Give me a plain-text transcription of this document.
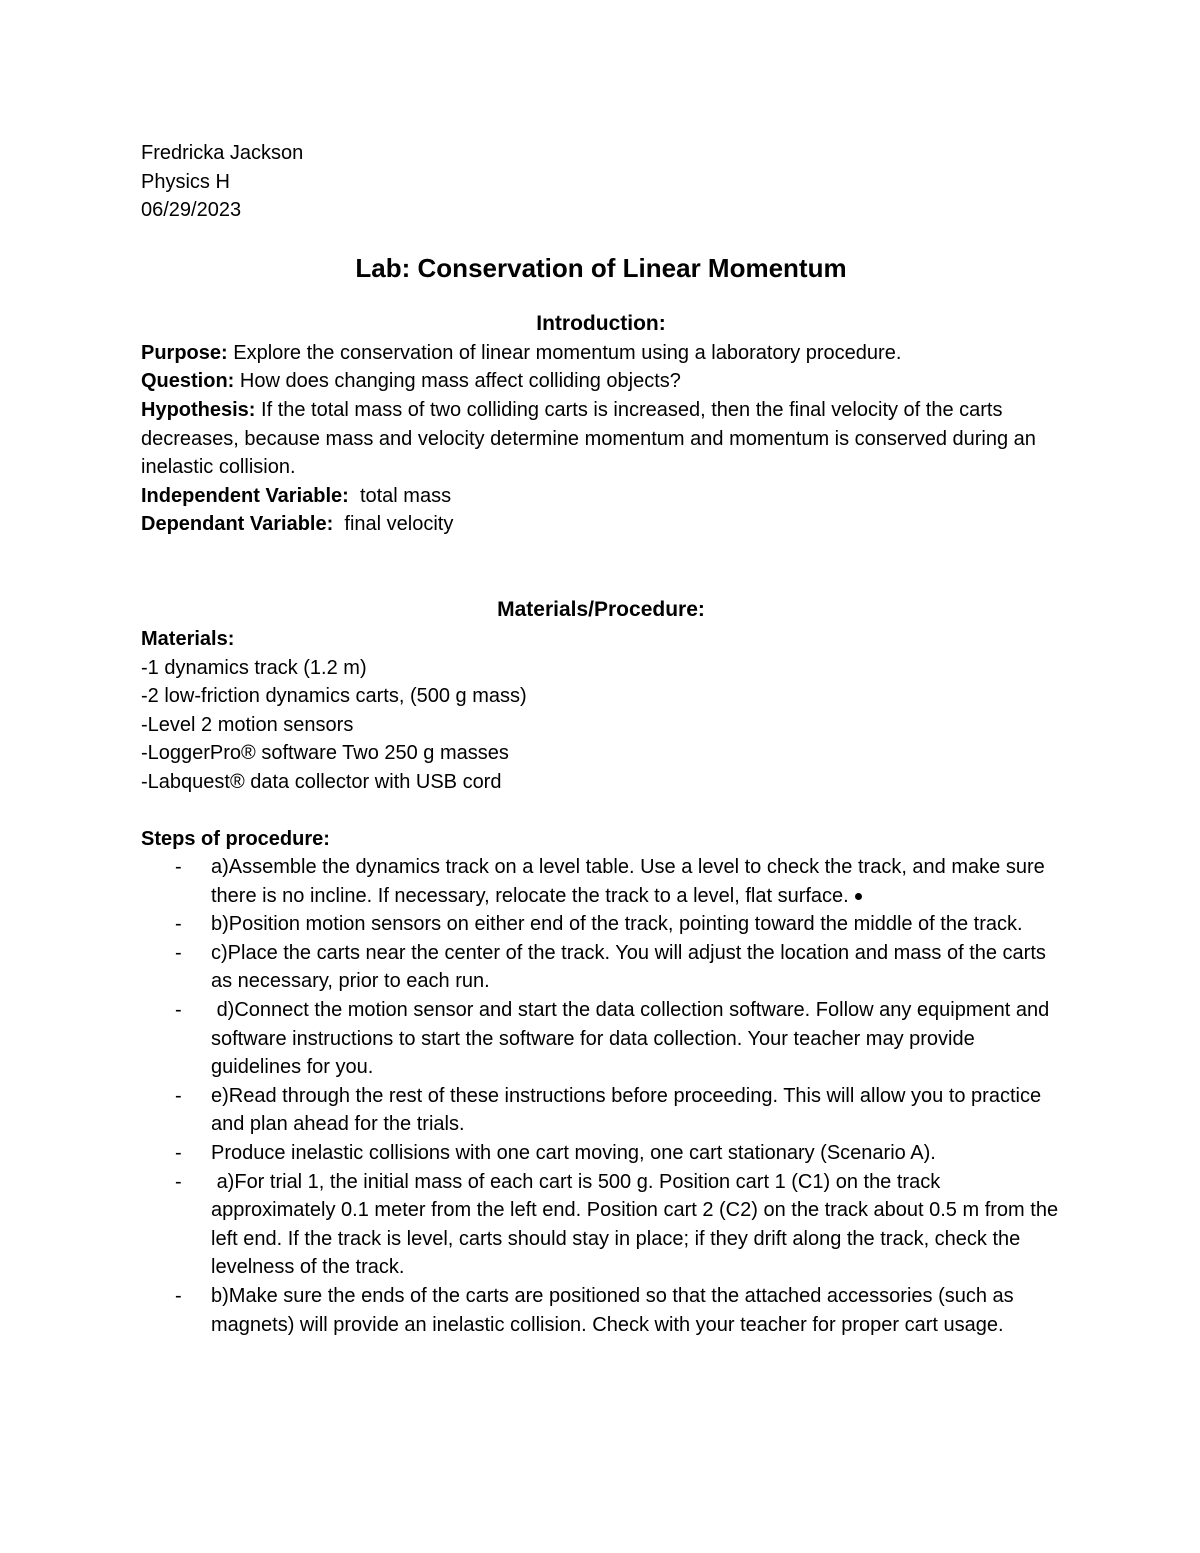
Fredricka Jackson
Physics H
06/29/2023
Lab: Conservation of Linear Momentum
Introduction:
Purpose: Explore the conservation of linear momentum using a laboratory procedure.
Question: How does changing mass affect colliding objects?
Hypothesis: If the total mass of two colliding carts is increased, then the final velocity of the carts decreases, because mass and velocity determine momentum and momentum is conserved during an inelastic collision.
Independent Variable:  total mass
Dependant Variable:  final velocity
Materials/Procedure:
Materials:
-1 dynamics track (1.2 m)
-2 low-friction dynamics carts, (500 g mass)
-Level 2 motion sensors
-LoggerPro® software Two 250 g masses
-Labquest® data collector with USB cord
Steps of procedure:
- a)Assemble the dynamics track on a level table. Use a level to check the track, and make sure there is no incline. If necessary, relocate the track to a level, flat surface.
- b)Position motion sensors on either end of the track, pointing toward the middle of the track.
- c)Place the carts near the center of the track. You will adjust the location and mass of the carts as necessary, prior to each run.
- d)Connect the motion sensor and start the data collection software. Follow any equipment and software instructions to start the software for data collection. Your teacher may provide guidelines for you.
- e)Read through the rest of these instructions before proceeding. This will allow you to practice and plan ahead for the trials.
- Produce inelastic collisions with one cart moving, one cart stationary (Scenario A).
- a)For trial 1, the initial mass of each cart is 500 g. Position cart 1 (C1) on the track approximately 0.1 meter from the left end. Position cart 2 (C2) on the track about 0.5 m from the left end. If the track is level, carts should stay in place; if they drift along the track, check the levelness of the track.
- b)Make sure the ends of the carts are positioned so that the attached accessories (such as magnets) will provide an inelastic collision. Check with your teacher for proper cart usage.
